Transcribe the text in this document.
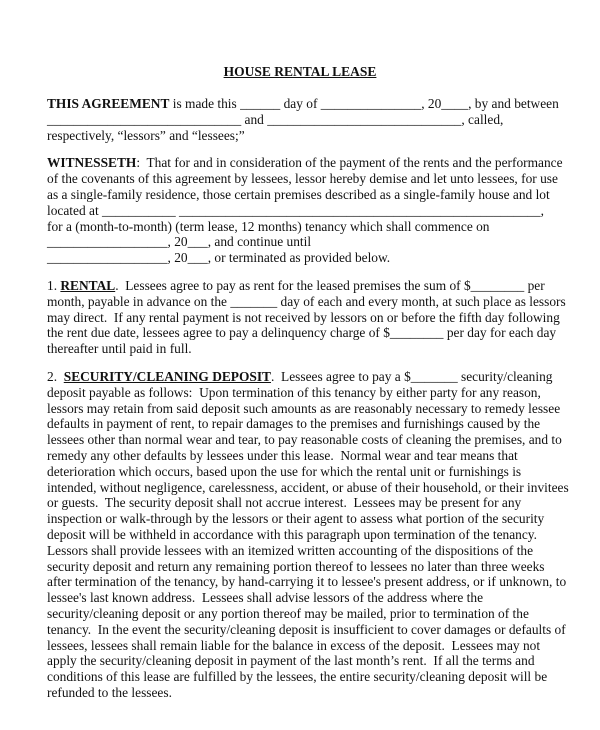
HOUSE RENTAL LEASE
THIS AGREEMENT is made this ______ day of _______________, 20____, by and between
_____________________________ and _____________________________, called,
respectively, “lessors” and “lessees;”
WITNESSETH:  That for and in consideration of the payment of the rents and the performance
of the covenants of this agreement by lessees, lessor hereby demise and let unto lessees, for use
as a single-family residence, those certain premises described as a single-family house and lot
located at ___________ ______________________________________________________,
for a (month-to-month) (term lease, 12 months) tenancy which shall commence on
__________________, 20___, and continue until
__________________, 20___, or terminated as provided below.
1. RENTAL.  Lessees agree to pay as rent for the leased premises the sum of $________ per
month, payable in advance on the _______ day of each and every month, at such place as lessors
may direct.  If any rental payment is not received by lessors on or before the fifth day following
the rent due date, lessees agree to pay a delinquency charge of $________ per day for each day
thereafter until paid in full.
2.  SECURITY/CLEANING DEPOSIT.  Lessees agree to pay a $_______ security/cleaning
deposit payable as follows:  Upon termination of this tenancy by either party for any reason,
lessors may retain from said deposit such amounts as are reasonably necessary to remedy lessee
defaults in payment of rent, to repair damages to the premises and furnishings caused by the
lessees other than normal wear and tear, to pay reasonable costs of cleaning the premises, and to
remedy any other defaults by lessees under this lease.  Normal wear and tear means that
deterioration which occurs, based upon the use for which the rental unit or furnishings is
intended, without negligence, carelessness, accident, or abuse of their household, or their invitees
or guests.  The security deposit shall not accrue interest.  Lessees may be present for any
inspection or walk-through by the lessors or their agent to assess what portion of the security
deposit will be withheld in accordance with this paragraph upon termination of the tenancy.
Lessors shall provide lessees with an itemized written accounting of the dispositions of the
security deposit and return any remaining portion thereof to lessees no later than three weeks
after termination of the tenancy, by hand-carrying it to lessee's present address, or if unknown, to
lessee's last known address.  Lessees shall advise lessors of the address where the
security/cleaning deposit or any portion thereof may be mailed, prior to termination of the
tenancy.  In the event the security/cleaning deposit is insufficient to cover damages or defaults of
lessees, lessees shall remain liable for the balance in excess of the deposit.  Lessees may not
apply the security/cleaning deposit in payment of the last month’s rent.  If all the terms and
conditions of this lease are fulfilled by the lessees, the entire security/cleaning deposit will be
refunded to the lessees.
